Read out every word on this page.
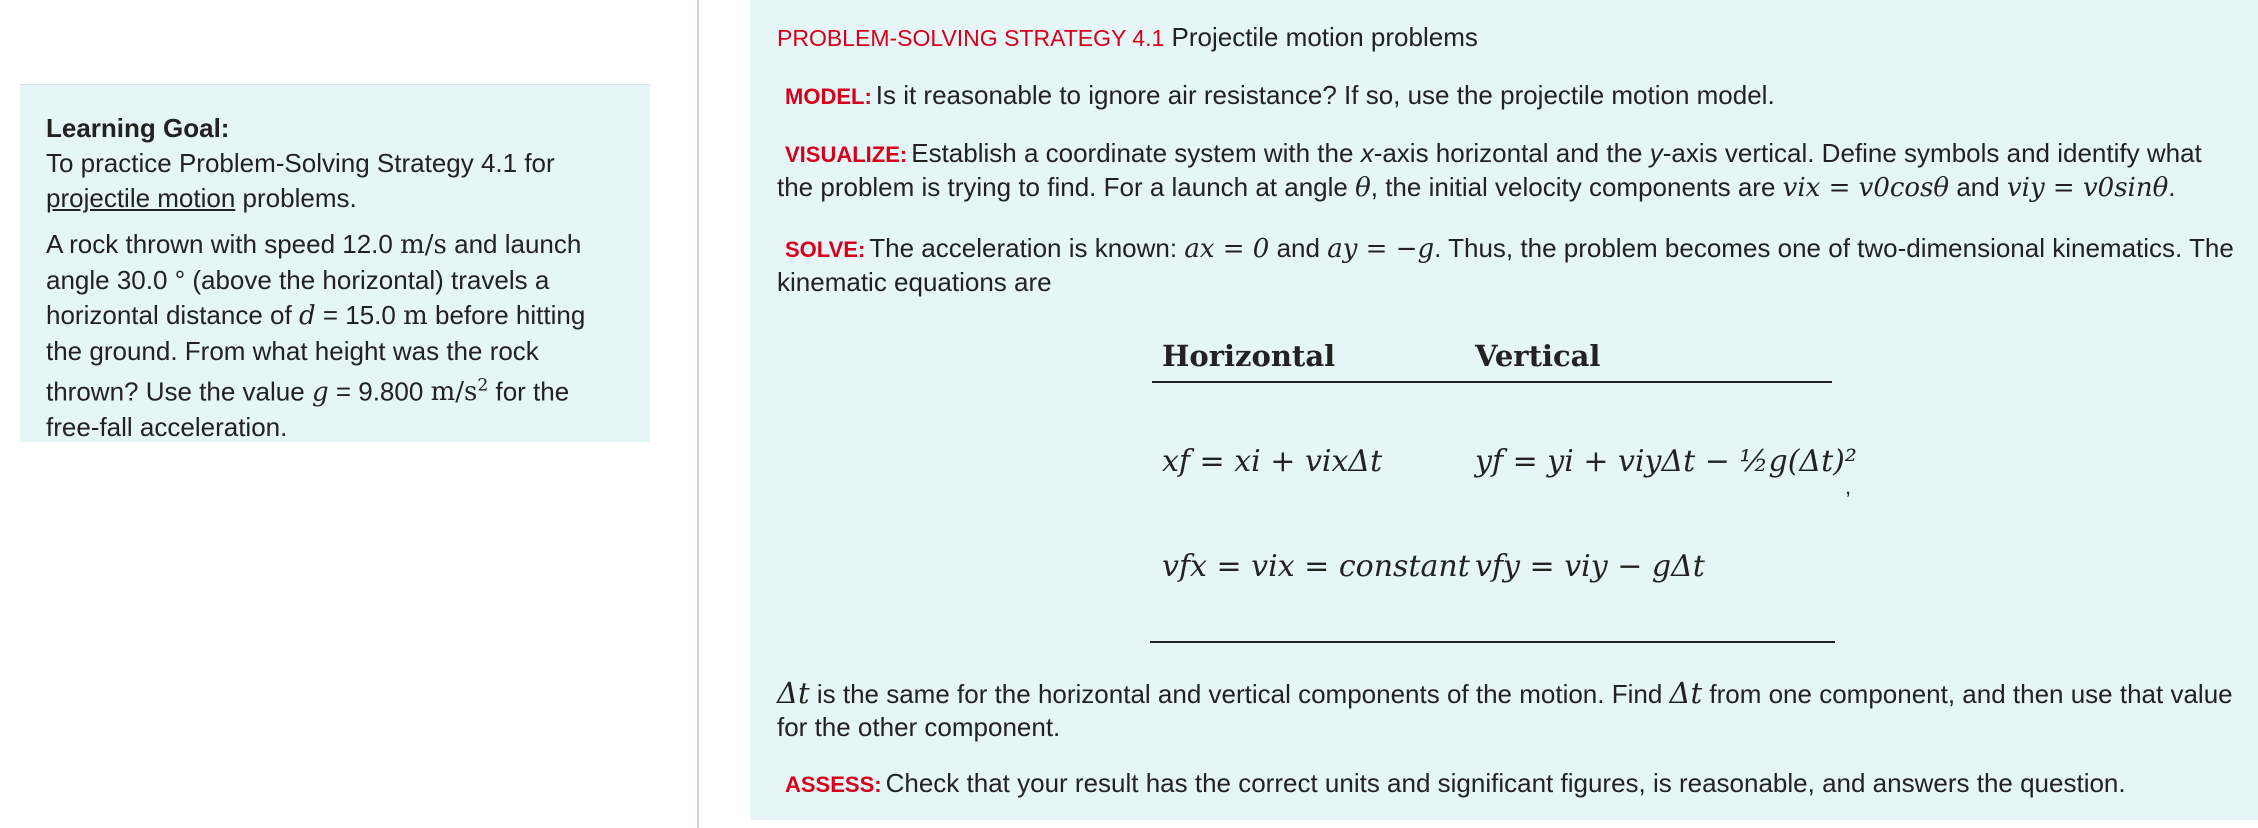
Learning Goal:

To practice Problem-Solving Strategy 4.1 for projectile motion problems.

A rock thrown with speed 12.0 m/s and launch angle 30.0 ° (above the horizontal) travels a horizontal distance of d = 15.0 m before hitting the ground. From what height was the rock thrown? Use the value g = 9.800 $m/s^2$ for the free-fall acceleration.

PROBLEM-SOLVING STRATEGY 4.1 Projectile motion problems
MODEL: Is it reasonable to ignore air resistance? If so, use the projectile motion model.
VISUALIZE: Establish a coordinate system with the x-axis horizontal and the y-axis vertical. Define symbols and identify what the problem is trying to find. For a launch at angle θ, the initial velocity components are vix = v0cosθ and viy = v0sinθ.
SOLVE: The acceleration is known: ax = 0 and ay = −g. Thus, the problem becomes one of two-dimensional kinematics. The kinematic equations are
Horizontal	Vertical
xf = xi + vixΔt	yf = yi + viyΔt − ½g(Δt)²
,
vfx = vix = constant vfy = viy − gΔt
Δt is the same for the horizontal and vertical components of the motion. Find Δt from one component, and then use that value for the other component.
ASSESS: Check that your result has the correct units and significant figures, is reasonable, and answers the question.
